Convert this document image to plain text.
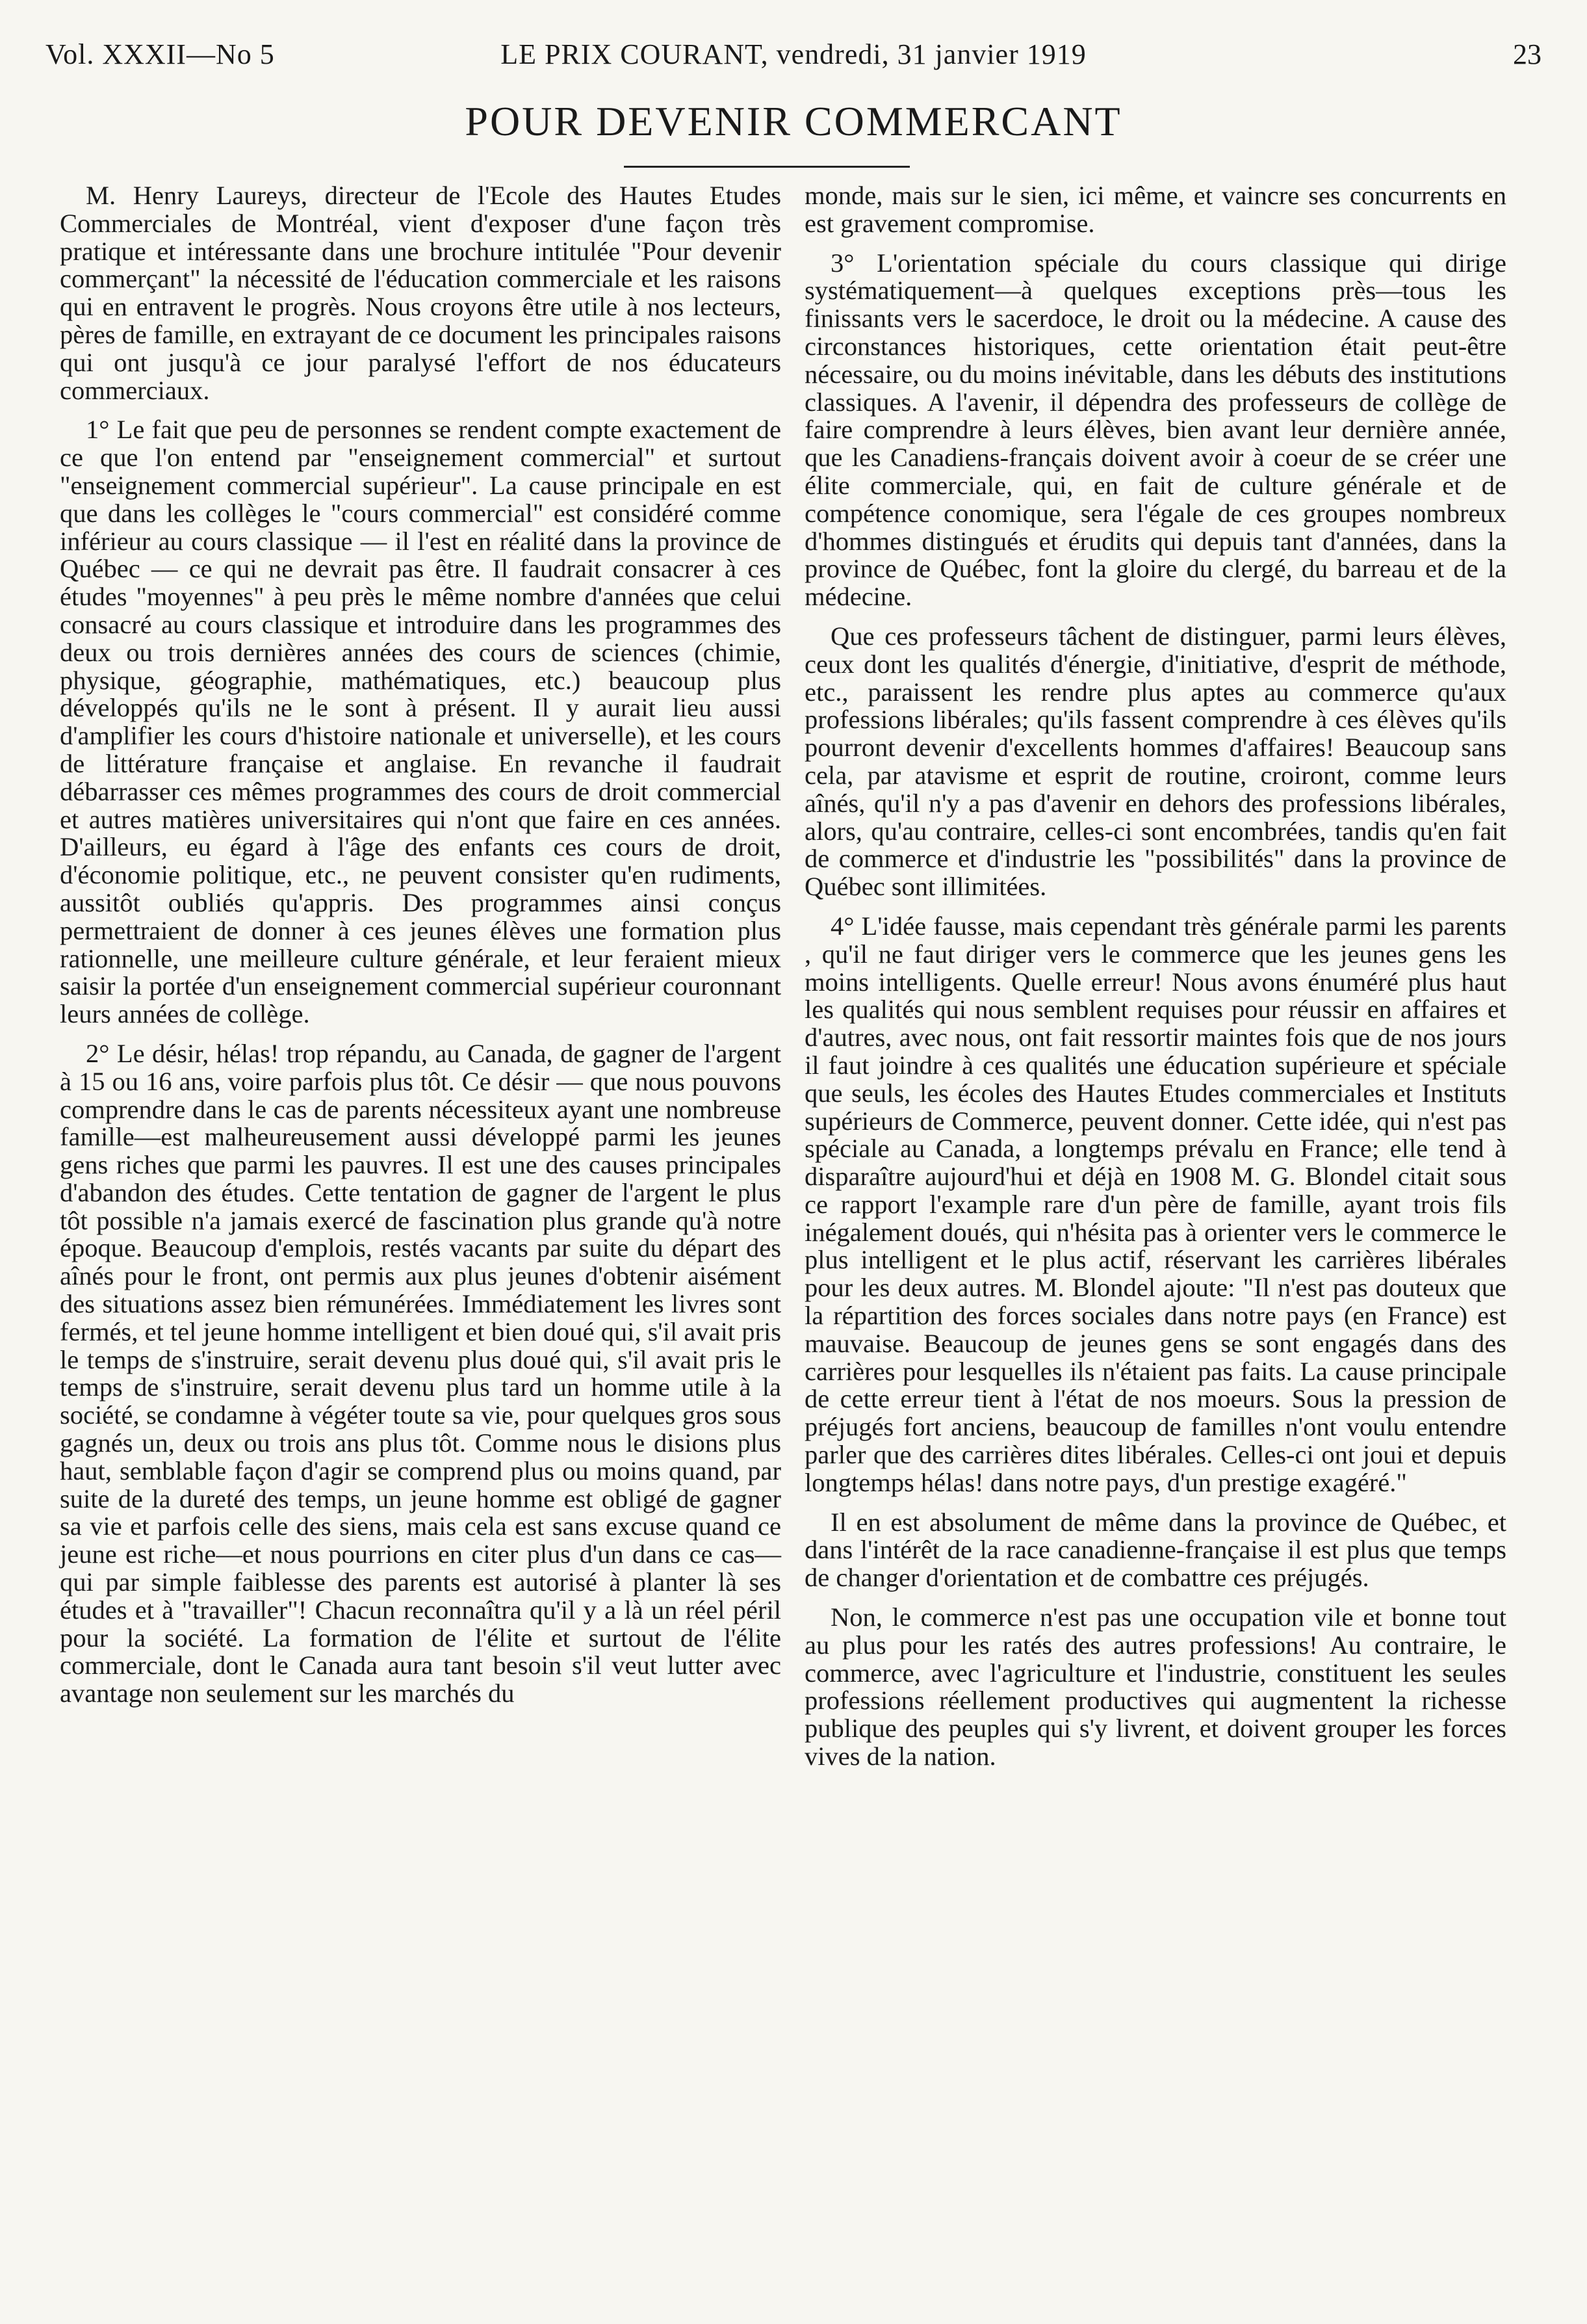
Vol. XXXII—No 5	LE PRIX COURANT, vendredi, 31 janvier 1919	23
POUR DEVENIR COMMERCANT

M. Henry Laureys, directeur de l'Ecole des Hautes Etudes Commerciales de Montréal, vient d'exposer d'une façon très pratique et intéressante dans une brochure intitulée "Pour devenir commerçant" la nécessité de l'éducation commerciale et les raisons qui en entravent le progrès. Nous croyons être utile à nos lecteurs, pères de famille, en extrayant de ce document les principales raisons qui ont jusqu'à ce jour paralysé l'effort de nos éducateurs commerciaux.

1° Le fait que peu de personnes se rendent compte exactement de ce que l'on entend par "enseignement commercial" et surtout "enseignement commercial supérieur". La cause principale en est que dans les collèges le "cours commercial" est considéré comme inférieur au cours classique — il l'est en réalité dans la province de Québec — ce qui ne devrait pas être. Il faudrait consacrer à ces études "moyennes" à peu près le même nombre d'années que celui consacré au cours classique et introduire dans les programmes des deux ou trois dernières années des cours de sciences (chimie, physique, géographie, mathématiques, etc.) beaucoup plus développés qu'ils ne le sont à présent. Il y aurait lieu aussi d'amplifier les cours d'histoire nationale et universelle), et les cours de littérature française et anglaise. En revanche il faudrait débarrasser ces mêmes programmes des cours de droit commercial et autres matières universitaires qui n'ont que faire en ces années. D'ailleurs, eu égard à l'âge des enfants ces cours de droit, d'économie politique, etc., ne peuvent consister qu'en rudiments, aussitôt oubliés qu'appris. Des programmes ainsi conçus permettraient de donner à ces jeunes élèves une formation plus rationnelle, une meilleure culture générale, et leur feraient mieux saisir la portée d'un enseignement commercial supérieur couronnant leurs années de collège.

2° Le désir, hélas! trop répandu, au Canada, de gagner de l'argent à 15 ou 16 ans, voire parfois plus tôt. Ce désir — que nous pouvons comprendre dans le cas de parents nécessiteux ayant une nombreuse famille—est malheureusement aussi développé parmi les jeunes gens riches que parmi les pauvres. Il est une des causes principales d'abandon des études. Cette tentation de gagner de l'argent le plus tôt possible n'a jamais exercé de fascination plus grande qu'à notre époque. Beaucoup d'emplois, restés vacants par suite du départ des aînés pour le front, ont permis aux plus jeunes d'obtenir aisément des situations assez bien rémunérées. Immédiatement les livres sont fermés, et tel jeune homme intelligent et bien doué qui, s'il avait pris le temps de s'instruire, serait devenu plus doué qui, s'il avait pris le temps de s'instruire, serait devenu plus tard un homme utile à la société, se condamne à végéter toute sa vie, pour quelques gros sous gagnés un, deux ou trois ans plus tôt. Comme nous le disions plus haut, semblable façon d'agir se comprend plus ou moins quand, par suite de la dureté des temps, un jeune homme est obligé de gagner sa vie et parfois celle des siens, mais cela est sans excuse quand ce jeune est riche—et nous pourrions en citer plus d'un dans ce cas—qui par simple faiblesse des parents est autorisé à planter là ses études et à "travailler"! Chacun reconnaîtra qu'il y a là un réel péril pour la société. La formation de l'élite et surtout de l'élite commerciale, dont le Canada aura tant besoin s'il veut lutter avec avantage non seulement sur les marchés du

monde, mais sur le sien, ici même, et vaincre ses concurrents en est gravement compromise.

3° L'orientation spéciale du cours classique qui dirige systématiquement—à quelques exceptions près—tous les finissants vers le sacerdoce, le droit ou la médecine. A cause des circonstances historiques, cette orientation était peut-être nécessaire, ou du moins inévitable, dans les débuts des institutions classiques. A l'avenir, il dépendra des professeurs de collège de faire comprendre à leurs élèves, bien avant leur dernière année, que les Canadiens-français doivent avoir à coeur de se créer une élite commerciale, qui, en fait de culture générale et de compétence conomique, sera l'égale de ces groupes nombreux d'hommes distingués et érudits qui depuis tant d'années, dans la province de Québec, font la gloire du clergé, du barreau et de la médecine.

Que ces professeurs tâchent de distinguer, parmi leurs élèves, ceux dont les qualités d'énergie, d'initiative, d'esprit de méthode, etc., paraissent les rendre plus aptes au commerce qu'aux professions libérales; qu'ils fassent comprendre à ces élèves qu'ils pourront devenir d'excellents hommes d'affaires! Beaucoup sans cela, par atavisme et esprit de routine, croiront, comme leurs aînés, qu'il n'y a pas d'avenir en dehors des professions libérales, alors, qu'au contraire, celles-ci sont encombrées, tandis qu'en fait de commerce et d'industrie les "possibilités" dans la province de Québec sont illimitées.

4° L'idée fausse, mais cependant très générale parmi les parents , qu'il ne faut diriger vers le commerce que les jeunes gens les moins intelligents. Quelle erreur! Nous avons énuméré plus haut les qualités qui nous semblent requises pour réussir en affaires et d'autres, avec nous, ont fait ressortir maintes fois que de nos jours il faut joindre à ces qualités une éducation supérieure et spéciale que seuls, les écoles des Hautes Etudes commerciales et Instituts supérieurs de Commerce, peuvent donner. Cette idée, qui n'est pas spéciale au Canada, a longtemps prévalu en France; elle tend à disparaître aujourd'hui et déjà en 1908 M. G. Blondel citait sous ce rapport l'example rare d'un père de famille, ayant trois fils inégalement doués, qui n'hésita pas à orienter vers le commerce le plus intelligent et le plus actif, réservant les carrières libérales pour les deux autres. M. Blondel ajoute: "Il n'est pas douteux que la répartition des forces sociales dans notre pays (en France) est mauvaise. Beaucoup de jeunes gens se sont engagés dans des carrières pour lesquelles ils n'étaient pas faits. La cause principale de cette erreur tient à l'état de nos moeurs. Sous la pression de préjugés fort anciens, beaucoup de familles n'ont voulu entendre parler que des carrières dites libérales. Celles-ci ont joui et depuis longtemps hélas! dans notre pays, d'un prestige exagéré."

Il en est absolument de même dans la province de Québec, et dans l'intérêt de la race canadienne-française il est plus que temps de changer d'orientation et de combattre ces préjugés.

Non, le commerce n'est pas une occupation vile et bonne tout au plus pour les ratés des autres professions! Au contraire, le commerce, avec l'agriculture et l'industrie, constituent les seules professions réellement productives qui augmentent la richesse publique des peuples qui s'y livrent, et doivent grouper les forces vives de la nation.
